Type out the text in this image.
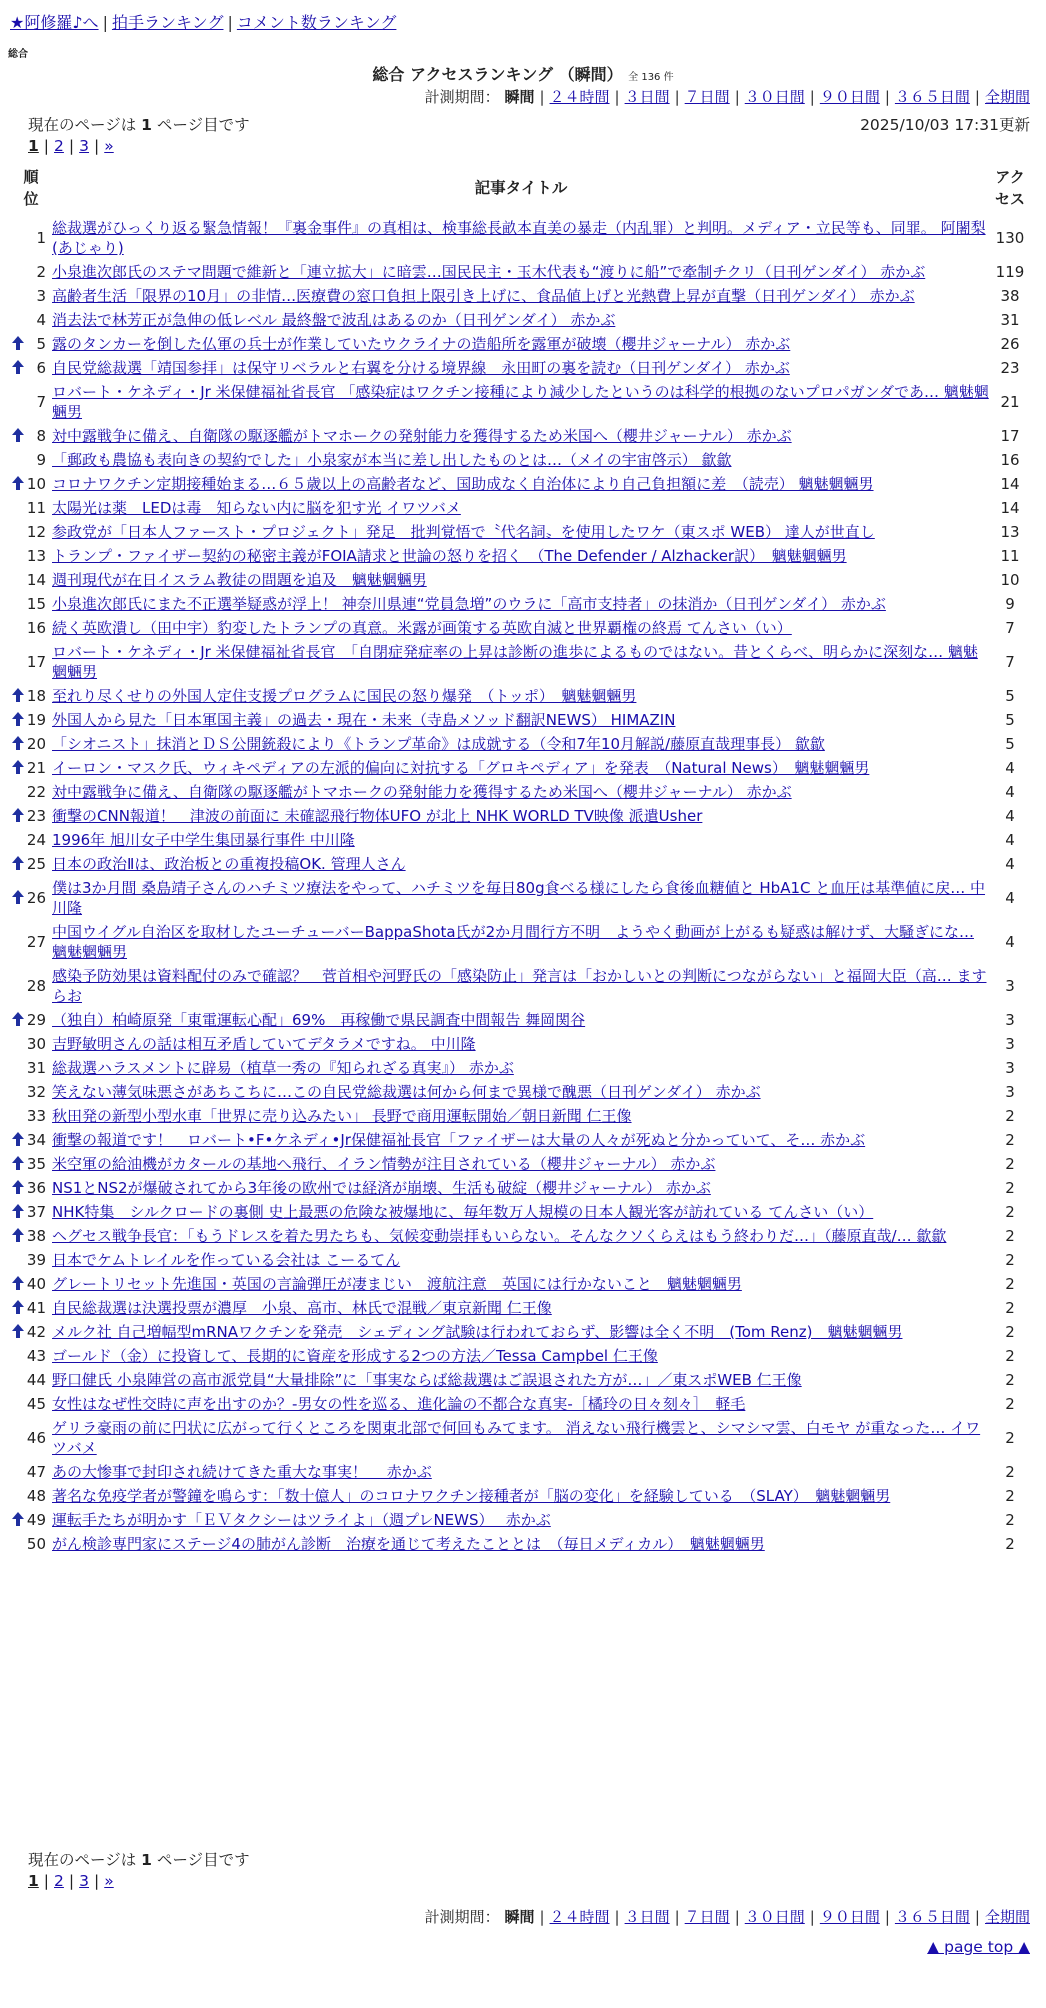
★阿修羅♪へ | 拍手ランキング | コメント数ランキング
総合
総合 アクセスランキング （瞬間） 全 136 件
計測期間： 瞬間 | ２４時間 | ３日間 | ７日間 | ３０日間 | ９０日間 | ３６５日間 | 全期間
現在のページは 1 ページ目です	2025/10/03 17:31更新
1 | 2 | 3 | »
順
位	記事タイトル	アク
セス
1	総裁選がひっくり返る緊急情報！『裏金事件』の真相は、検事総長畝本直美の暴走（内乱罪）と判明。メディア・立民等も、同罪。 阿闍梨(あじゃり)	130
2	小泉進次郎氏のステマ問題で維新と「連立拡大」に暗雲…国民民主・玉木代表も“渡りに船”で牽制チクリ（日刊ゲンダイ） 赤かぶ	119
3	高齢者生活「限界の10月」の非情…医療費の窓口負担上限引き上げに、食品値上げと光熱費上昇が直撃（日刊ゲンダイ） 赤かぶ	38
4	消去法で林芳正が急伸の低レベル 最終盤で波乱はあるのか（日刊ゲンダイ） 赤かぶ	31

5	露のタンカーを倒した仏軍の兵士が作業していたウクライナの造船所を露軍が破壊（櫻井ジャーナル） 赤かぶ	26

6	自民党総裁選「靖国参拝」は保守リベラルと右翼を分ける境界線　永田町の裏を読む（日刊ゲンダイ） 赤かぶ	23
7	ロバート・ケネディ・Jr 米保健福祉省長官 「感染症はワクチン接種により減少したというのは科学的根拠のないプロパガンダであ… 魑魅魍魎男	21

8	対中露戦争に備え、自衛隊の駆逐艦がトマホークの発射能力を獲得するため米国へ（櫻井ジャーナル） 赤かぶ	17
9	「郵政も農協も表向きの契約でした」小泉家が本当に差し出したものとは…（メイの宇宙啓示） 歙歙	16

10	コロナワクチン定期接種始まる…６５歳以上の高齢者など、国助成なく自治体により自己負担額に差　（読売） 魑魅魍魎男	14
11	太陽光は薬　LEDは毒　知らない内に脳を犯す光 イワツバメ	14
12	参政党が「日本人ファースト・プロジェクト」発足　批判覚悟で〝代名詞〟を使用したワケ（東スポ WEB） 達人が世直し	13
13	トランプ・ファイザー契約の秘密主義がFOIA請求と世論の怒りを招く　（The Defender / Alzhacker訳）　魑魅魍魎男	11
14	週刊現代が在日イスラム教徒の問題を追及　魑魅魍魎男	10
15	小泉進次郎氏にまた不正選挙疑惑が浮上！ 神奈川県連“党員急増”のウラに「高市支持者」の抹消か（日刊ゲンダイ） 赤かぶ	9
16	続く英欧潰し（田中宇）豹変したトランプの真意。米露が画策する英欧自滅と世界覇権の終焉 てんさい（い）	7
17	ロバート・ケネディ・Jr 米保健福祉省長官　「自閉症発症率の上昇は診断の進歩によるものではない。昔とくらべ、明らかに深刻な… 魑魅魍魎男	7

18	至れり尽くせりの外国人定住支援プログラムに国民の怒り爆発　（トッポ）　魑魅魍魎男	5

19	外国人から見た「日本軍国主義」の過去・現在・未来（寺島メソッド翻訳NEWS） HIMAZIN	5

20	「シオニスト」抹消とＤＳ公開銃殺により《トランプ革命》は成就する（令和7年10月解説/藤原直哉理事長） 歙歙	5

21	イーロン・マスク氏、ウィキペディアの左派的偏向に対抗する「グロキペディア」を発表　（Natural News）　魑魅魍魎男	4
22	対中露戦争に備え、自衛隊の駆逐艦がトマホークの発射能力を獲得するため米国へ（櫻井ジャーナル） 赤かぶ	4

23	衝撃のCNN報道！　津波の前面に 未確認飛行物体UFO が北上 NHK WORLD TV映像 派遣Usher	4
24	1996年 旭川女子中学生集団暴行事件 中川隆	4

25	日本の政治Ⅱは、政治板との重複投稿OK. 管理人さん	4

26	僕は3か月間 桑島靖子さんのハチミツ療法をやって、ハチミツを毎日80g食べる様にしたら食後血糖値と HbA1C と血圧は基準値に戻… 中川隆	4
27	中国ウイグル自治区を取材したユーチューバーBappaShota氏が2か月間行方不明　ようやく動画が上がるも疑惑は解けず、大騒ぎにな… 魑魅魍魎男	4
28	感染予防効果は資料配付のみで確認？　菅首相や河野氏の「感染防止」発言は「おかしいとの判断につながらない」と福岡大臣（高… ますらお	3

29	（独自）柏崎原発「東電運転心配」69%　再稼働で県民調査中間報告 舞岡関谷	3
30	吉野敏明さんの話は相互矛盾していてデタラメですね。 中川隆	3
31	総裁選ハラスメントに辟易（植草一秀の『知られざる真実』） 赤かぶ	3
32	笑えない薄気味悪さがあちこちに…この自民党総裁選は何から何まで異様で醜悪（日刊ゲンダイ） 赤かぶ	3
33	秋田発の新型小型水車「世界に売り込みたい」 長野で商用運転開始／朝日新聞 仁王像	2

34	衝撃の報道です！　ロバート•F•ケネディ•Jr保健福祉長官「ファイザーは大量の人々が死ぬと分かっていて、そ… 赤かぶ	2

35	米空軍の給油機がカタールの基地へ飛行、イラン情勢が注目されている（櫻井ジャーナル） 赤かぶ	2

36	NS1とNS2が爆破されてから3年後の欧州では経済が崩壊、生活も破綻（櫻井ジャーナル） 赤かぶ	2

37	NHK特集　シルクロードの裏側 史上最悪の危険な被爆地に、毎年数万人規模の日本人観光客が訪れている てんさい（い）	2

38	ヘグセス戦争長官：「もうドレスを着た男たちも、気候変動崇拝もいらない。そんなクソくらえはもう終わりだ…」（藤原直哉/… 歙歙	2
39	日本でケムトレイルを作っている会社は こーるてん	2

40	グレートリセット先進国・英国の言論弾圧が凄まじい　渡航注意　英国には行かないこと　魑魅魍魎男	2

41	自民総裁選は決選投票が濃厚　小泉、高市、林氏で混戦／東京新聞 仁王像	2

42	メルク社 自己増幅型mRNAワクチンを発売　シェディング試験は行われておらず、影響は全く不明　(Tom Renz)　魑魅魍魎男	2
43	ゴールド（金）に投資して、長期的に資産を形成する2つの方法／Tessa Campbel 仁王像	2
44	野口健氏 小泉陣営の高市派党員“大量排除”に「事実ならば総裁選はご誤退された方が…」／東スポWEB 仁王像	2
45	女性はなぜ性交時に声を出すのか？-男女の性を巡る、進化論の不都合な真実-［橘玲の日々刻々］　軽毛	2
46	ゲリラ豪雨の前に円状に広がって行くところを関東北部で何回もみてます。 消えない飛行機雲と、シマシマ雲、白モヤ が重なった… イワツバメ	2
47	あの大惨事で封印され続けてきた重大な事実！　 赤かぶ	2
48	著名な免疫学者が警鐘を鳴らす：「数十億人」のコロナワクチン接種者が「脳の変化」を経験している　（SLAY）　魑魅魍魎男	2

49	運転手たちが明かす「ＥＶタクシーはツライよ」（週プレNEWS）　 赤かぶ	2
50	がん検診専門家にステージ4の肺がん診断　治療を通じて考えたこととは　（毎日メディカル）　魑魅魍魎男	2
現在のページは 1 ページ目です
1 | 2 | 3 | »
計測期間： 瞬間 | ２４時間 | ３日間 | ７日間 | ３０日間 | ９０日間 | ３６５日間 | 全期間
▲ page top ▲
